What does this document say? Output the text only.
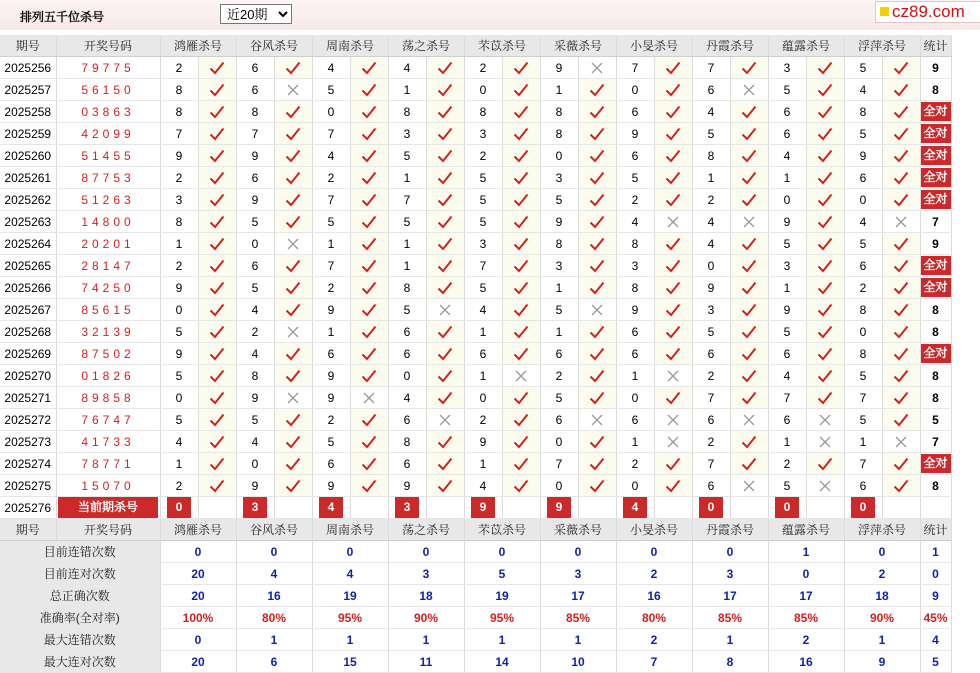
排列五千位杀号
近20期	cz89.com
期号	开奖号码	鸿雁杀号		谷风杀号		周南杀号		荡之杀号		芣苡杀号		采薇杀号		小旻杀号		丹霞杀号		蕴露杀号		浮萍杀号		统计
2025256	79775	2		6		4		4		2		9		7		7		3		5		9
2025257	56150	8		6		5		1		0		1		0		6		5		4		8
2025258	03863	8		8		0		8		8		8		6		4		6		8		全对
2025259	42099	7		7		7		3		3		8		9		5		6		5		全对
2025260	51455	9		9		4		5		2		0		6		8		4		9		全对
2025261	87753	2		6		2		1		5		3		5		1		1		6		全对
2025262	51263	3		9		7		7		5		5		2		2		0		0		全对
2025263	14800	8		5		5		5		5		9		4		4		9		4		7
2025264	20201	1		0		1		1		3		8		8		4		5		5		9
2025265	28147	2		6		7		1		7		3		3		0		3		6		全对
2025266	74250	9		5		2		8		5		1		8		9		1		2		全对
2025267	85615	0		4		9		5		4		5		9		3		9		8		8
2025268	32139	5		2		1		6		1		1		6		5		5		0		8
2025269	87502	9		4		6		6		6		6		6		6		6		8		全对
2025270	01826	5		8		9		0		1		2		1		2		4		5		8
2025271	89858	0		9		9		4		0		5		0		7		7		7		8
2025272	76747	5		5		2		6		2		6		6		6		6		5		5
2025273	41733	4		4		5		8		9		0		1		2		1		1		7
2025274	78771	1		0		6		6		1		7		2		7		2		7		全对
2025275	15070	2		9		9		9		4		0		0		6		5		6		8
2025276	当前期杀号	0		3		4		3		9		9		4		0		0		0		
期号	开奖号码	鸿雁杀号		谷风杀号		周南杀号		荡之杀号		芣苡杀号		采薇杀号		小旻杀号		丹霞杀号		蕴露杀号		浮萍杀号		统计
目前连错次数		0		0		0		0		0		0		0		0		1		0		1
目前连对次数		20		4		4		3		5		3		2		3		0		2		0
总正确次数		20		16		19		18		19		17		16		17		17		18		9
准确率(全对率)		100%		80%		95%		90%		95%		85%		80%		85%		85%		90%		45%
最大连错次数		0		1		1		1		1		1		2		1		2		1		4
最大连对次数		20		6		15		11		14		10		7		8		16		9		5
